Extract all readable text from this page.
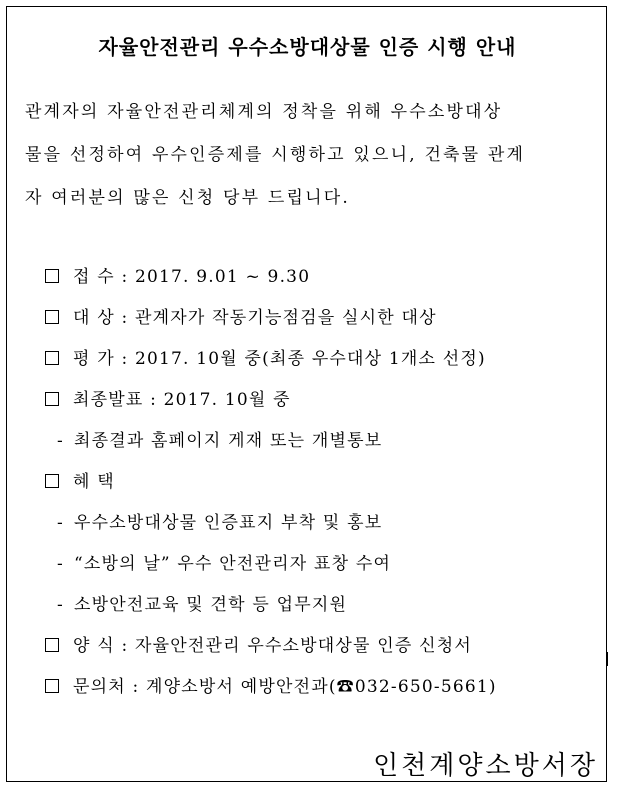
자율안전관리 우수소방대상물 인증 시행 안내
관계자의 자율안전관리체계의 정착을 위해 우수소방대상
물을 선정하여 우수인증제를 시행하고 있으니, 건축물 관계
자 여러분의 많은 신청 당부 드립니다.
접 수 : 2017. 9.01 ~ 9.30
대 상 : 관계자가 작동기능점검을 실시한 대상
평 가 : 2017. 10월 중(최종 우수대상 1개소 선정)
최종발표 : 2017. 10월 중
- 최종결과 홈페이지 게재 또는 개별통보
혜 택
- 우수소방대상물 인증표지 부착 및 홍보
- “소방의 날” 우수 안전관리자 표창 수여
- 소방안전교육 및 견학 등 업무지원
양 식 : 자율안전관리 우수소방대상물 인증 신청서
문의처 : 계양소방서 예방안전과(☎032-650-5661)
인천계양소방서장
